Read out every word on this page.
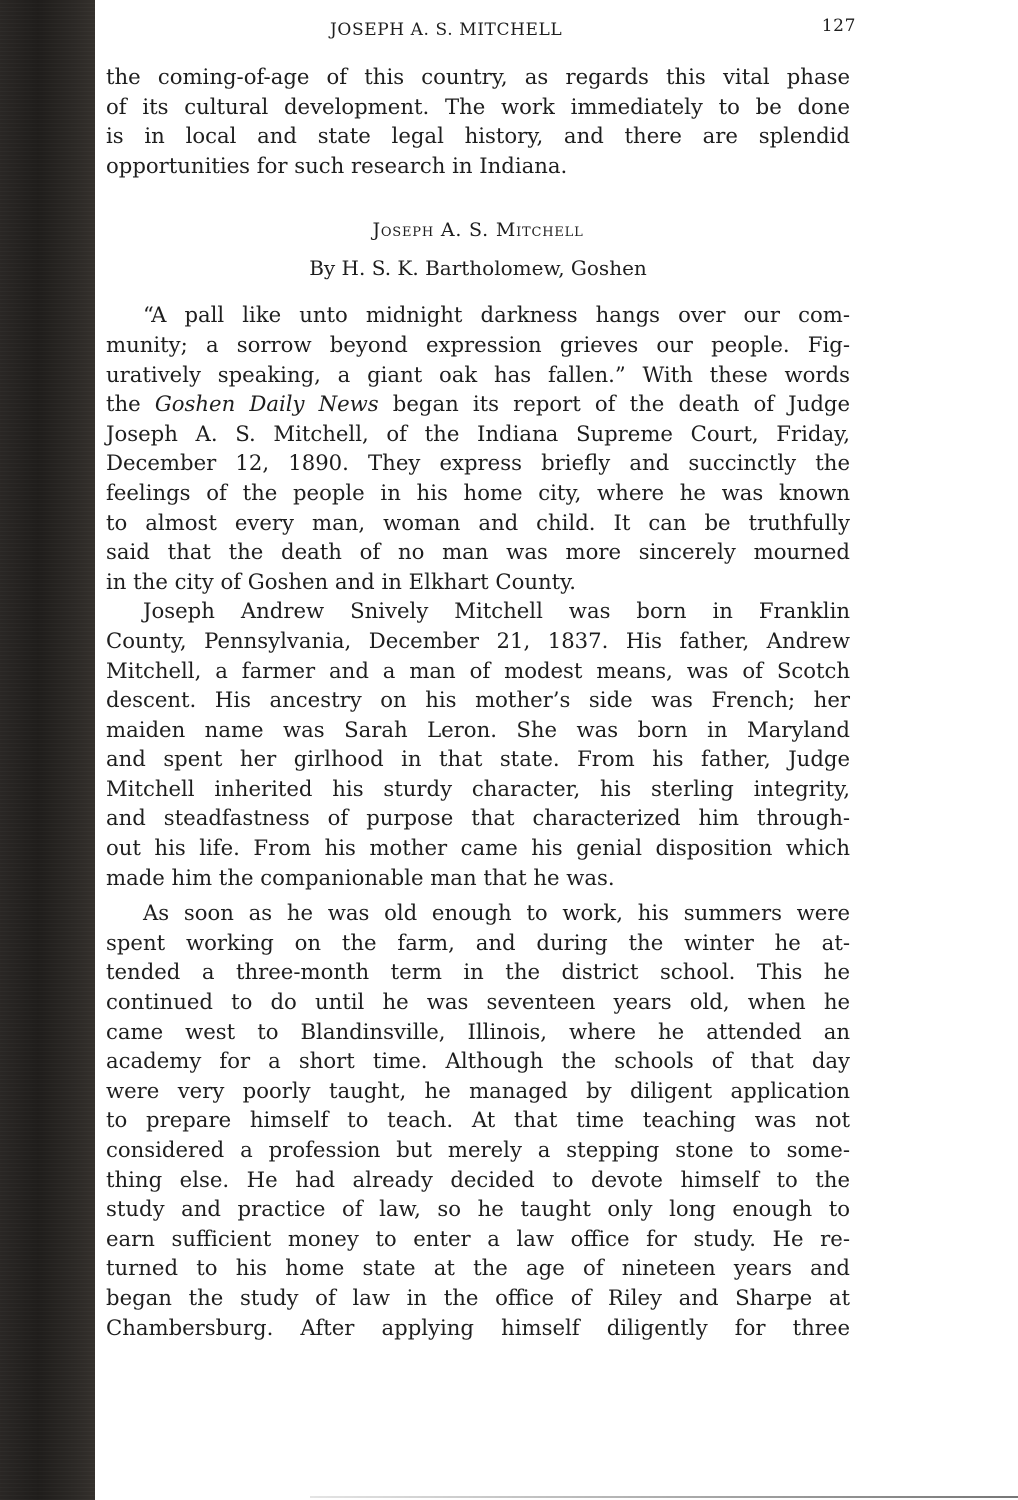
JOSEPH A. S. MITCHELL	127

the coming-of-age of this country, as regards this vital phase
of its cultural development. The work immediately to be done
is in local and state legal history, and there are splendid
opportunities for such research in Indiana.

Joseph A. S. Mitchell
By H. S. K. Bartholomew, Goshen

“A pall like unto midnight darkness hangs over our com-
munity; a sorrow beyond expression grieves our people. Fig-
uratively speaking, a giant oak has fallen.” With these words
the Goshen Daily News began its report of the death of Judge
Joseph A. S. Mitchell, of the Indiana Supreme Court, Friday,
December 12, 1890. They express briefly and succinctly the
feelings of the people in his home city, where he was known
to almost every man, woman and child. It can be truthfully
said that the death of no man was more sincerely mourned
in the city of Goshen and in Elkhart County.

Joseph Andrew Snively Mitchell was born in Franklin
County, Pennsylvania, December 21, 1837. His father, Andrew
Mitchell, a farmer and a man of modest means, was of Scotch
descent. His ancestry on his mother’s side was French; her
maiden name was Sarah Leron. She was born in Maryland
and spent her girlhood in that state. From his father, Judge
Mitchell inherited his sturdy character, his sterling integrity,
and steadfastness of purpose that characterized him through-
out his life. From his mother came his genial disposition which
made him the companionable man that he was.

As soon as he was old enough to work, his summers were
spent working on the farm, and during the winter he at-
tended a three-month term in the district school. This he
continued to do until he was seventeen years old, when he
came west to Blandinsville, Illinois, where he attended an
academy for a short time. Although the schools of that day
were very poorly taught, he managed by diligent application
to prepare himself to teach. At that time teaching was not
considered a profession but merely a stepping stone to some-
thing else. He had already decided to devote himself to the
study and practice of law, so he taught only long enough to
earn sufficient money to enter a law office for study. He re-
turned to his home state at the age of nineteen years and
began the study of law in the office of Riley and Sharpe at
Chambersburg. After applying himself diligently for three
